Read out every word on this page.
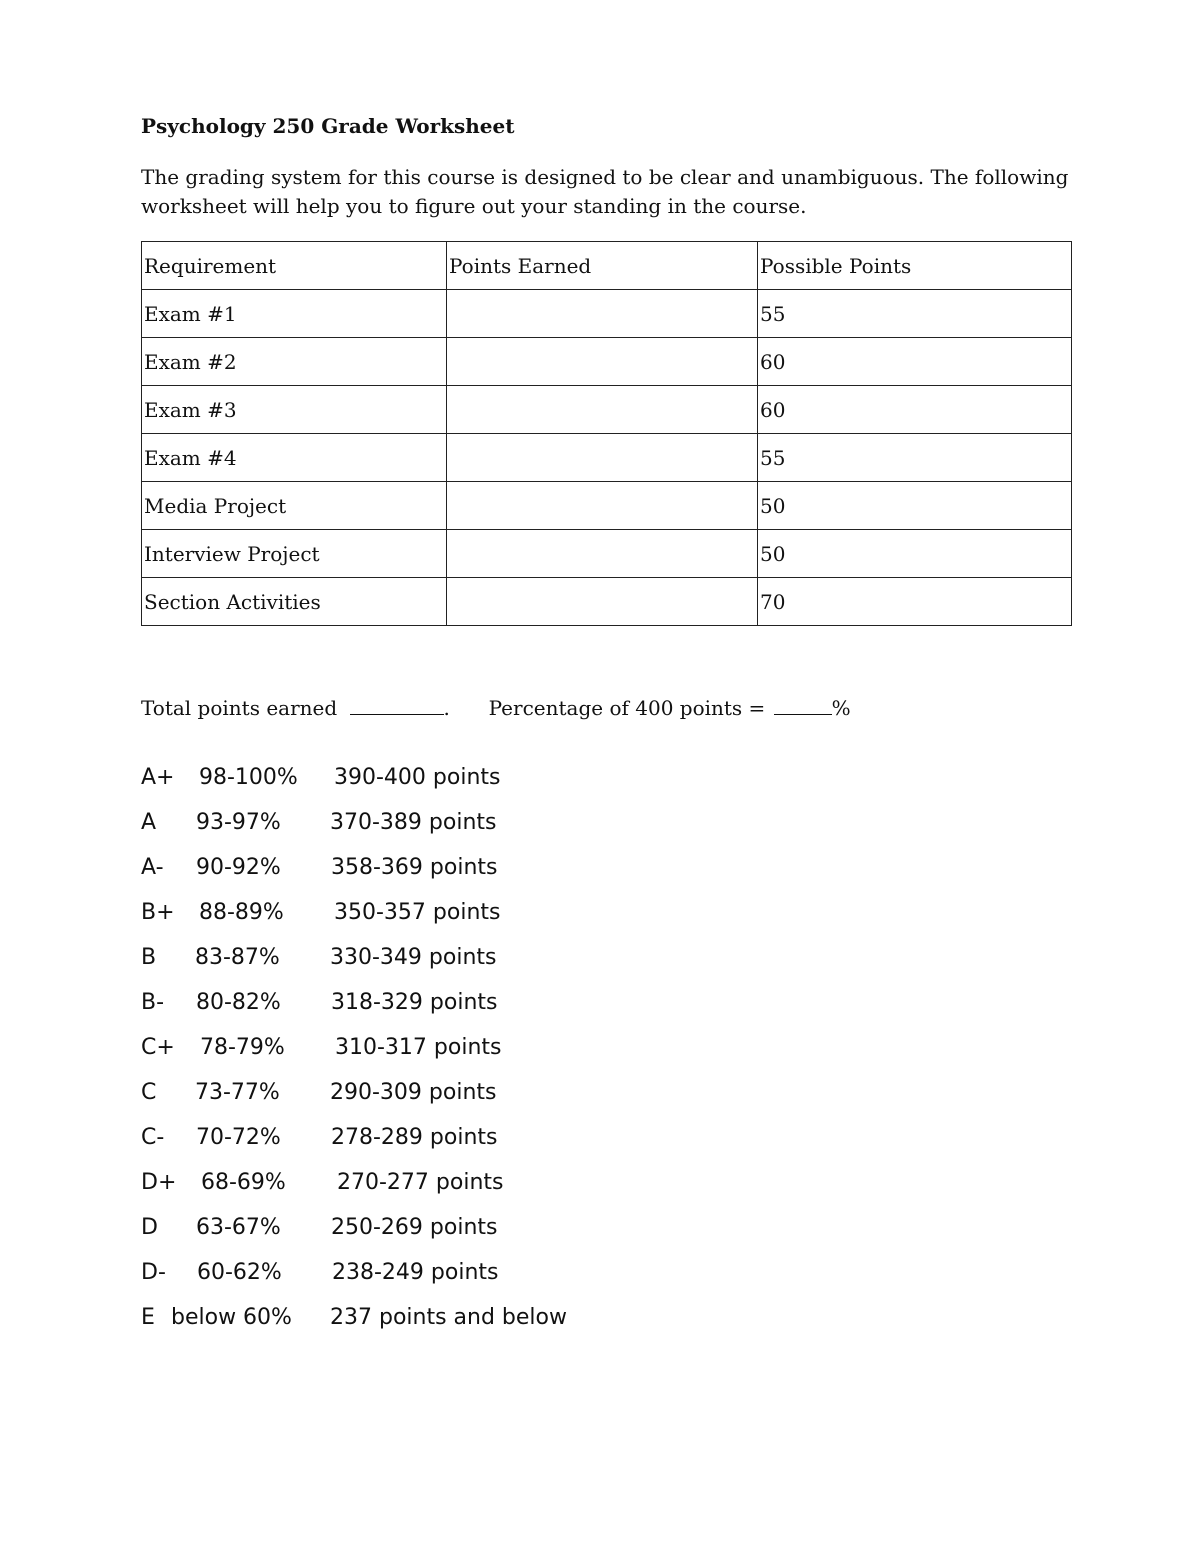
Psychology 250 Grade Worksheet
The grading system for this course is designed to be clear and unambiguous. The following
worksheet will help you to figure out your standing in the course.
Requirement	Points Earned	Possible Points
Exam #1		55
Exam #2		60
Exam #3		60
Exam #4		55
Media Project		50
Interview Project		50
Section Activities		70
Total points earned	. Percentage of 400 points =	%
A+ 98-100% 390-400 points
A 93-97% 370-389 points
A- 90-92% 358-369 points
B+ 88-89% 350-357 points
B 83-87% 330-349 points
B- 80-82% 318-329 points
C+ 78-79% 310-317 points
C 73-77% 290-309 points
C- 70-72% 278-289 points
D+ 68-69% 270-277 points
D 63-67% 250-269 points
D- 60-62% 238-249 points
E below 60% 237 points and below
